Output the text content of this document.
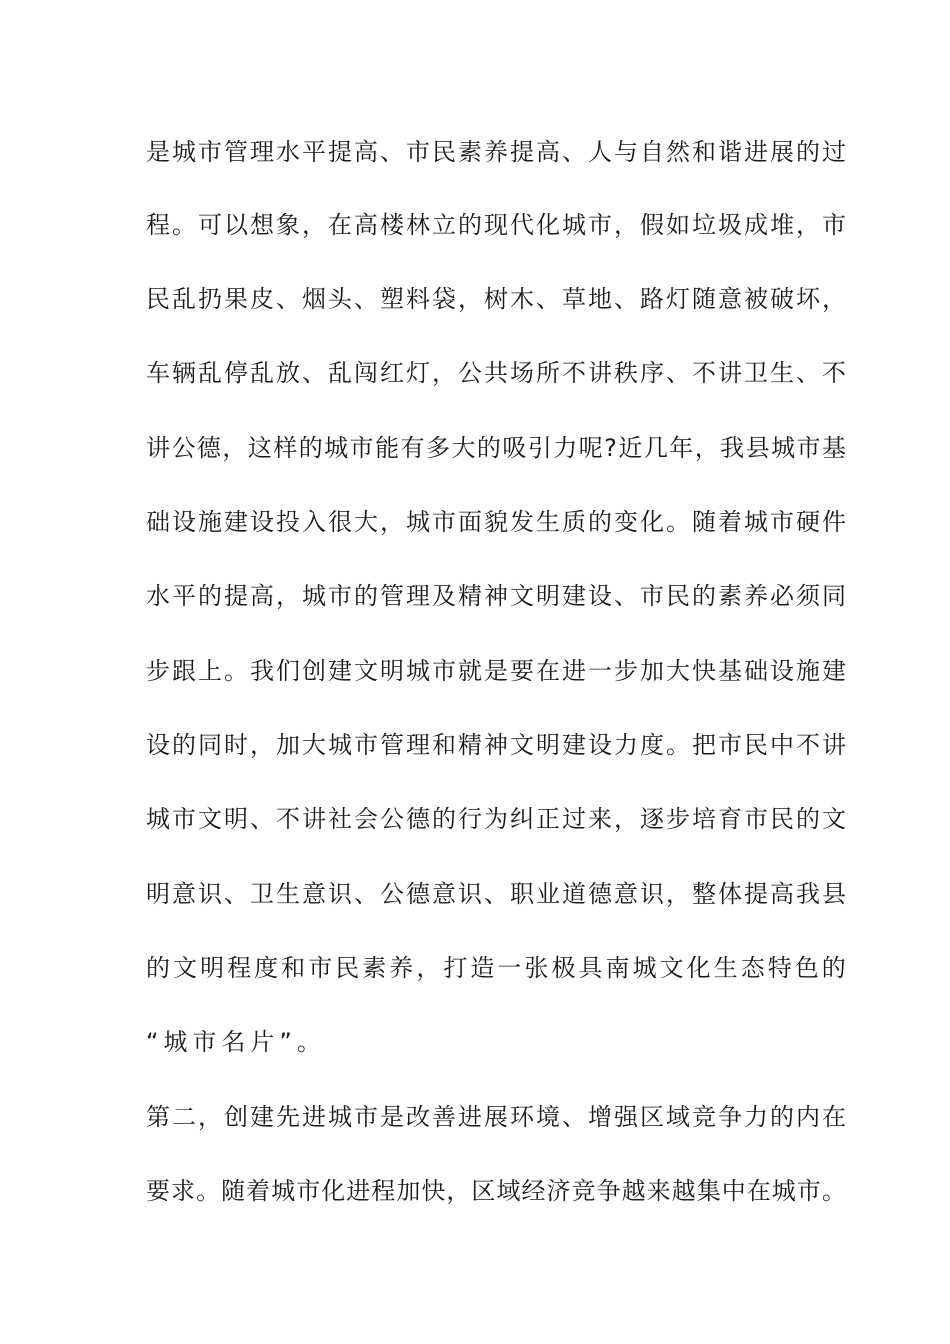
是 城 市 管 理 水 平 提 高 、 市 民 素 养 提 高 、 人 与 自 然 和 谐 进 展 的 过
程 。 可 以 想 象 ， 在 高 楼 林 立 的 现 代 化 城 市 ， 假 如 垃 圾 成 堆 ， 市
民 乱 扔 果 皮 、 烟 头 、 塑 料 袋 ， 树 木 、 草 地 、 路 灯 随 意 被 破 坏 ，
车 辆 乱 停 乱 放 、 乱 闯 红 灯 ， 公 共 场 所 不 讲 秩 序 、 不 讲 卫 生 、 不
讲 公 德 ， 这 样 的 城 市 能 有 多 大 的 吸 引 力 呢 ? 近 几 年 ， 我 县 城 市 基
础 设 施 建 设 投 入 很 大 ， 城 市 面 貌 发 生 质 的 变 化 。 随 着 城 市 硬 件
水 平 的 提 高 ， 城 市 的 管 理 及 精 神 文 明 建 设 、 市 民 的 素 养 必 须 同
步 跟 上 。 我 们 创 建 文 明 城 市 就 是 要 在 进 一 步 加 大 快 基 础 设 施 建
设 的 同 时 ， 加 大 城 市 管 理 和 精 神 文 明 建 设 力 度 。 把 市 民 中 不 讲
城 市 文 明 、 不 讲 社 会 公 德 的 行 为 纠 正 过 来 ， 逐 步 培 育 市 民 的 文
明 意 识 、 卫 生 意 识 、 公 德 意 识 、 职 业 道 德 意 识 ， 整 体 提 高 我 县
的 文 明 程 度 和 市 民 素 养 ， 打 造 一 张 极 具 南 城 文 化 生 态 特 色 的
“城市名片”。
第 二 ， 创 建 先 进 城 市 是 改 善 进 展 环 境 、 增 强 区 域 竞 争 力 的 内 在
要 求 。 随 着 城 市 化 进 程 加 快 ， 区 域 经 济 竞 争 越 来 越 集 中 在 城 市 。
